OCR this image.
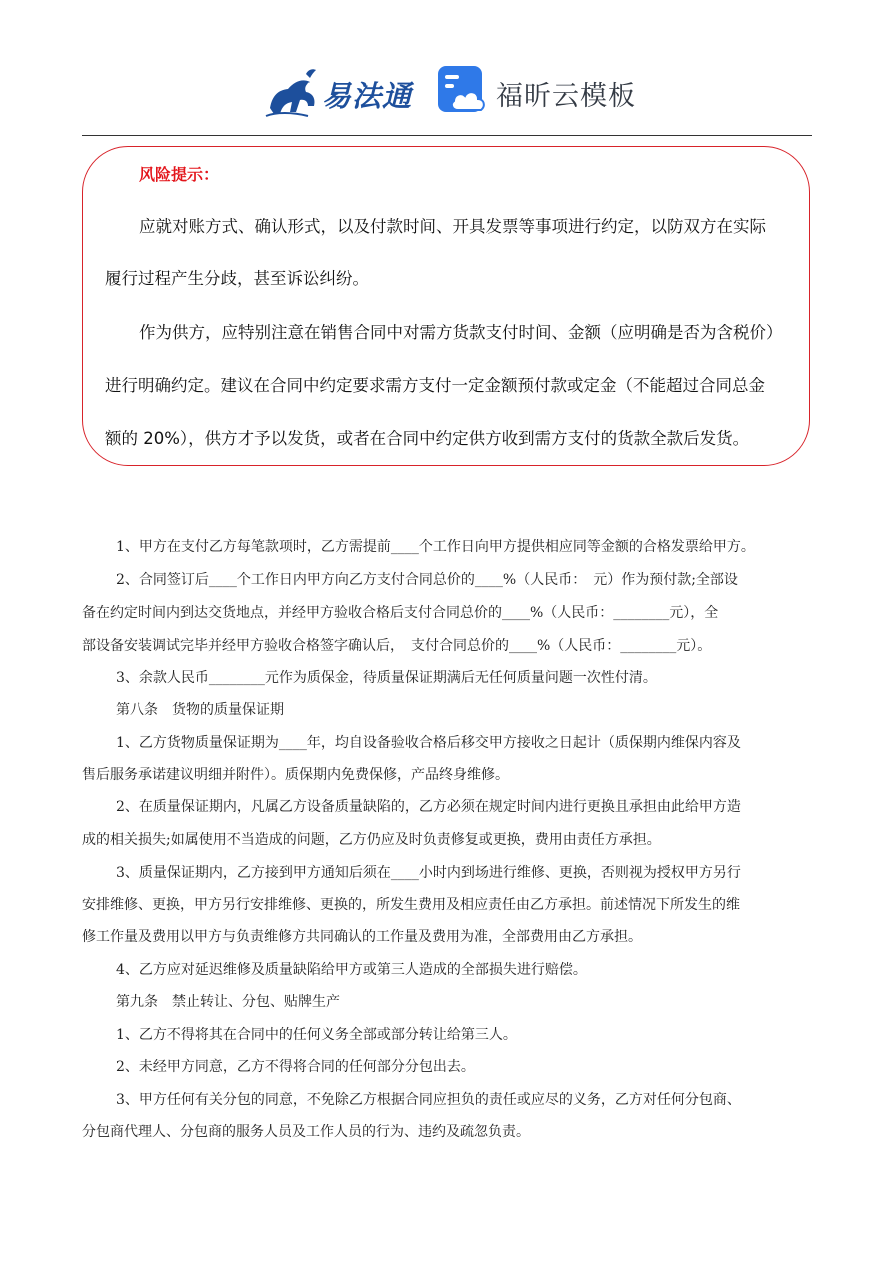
易法通	福昕云模板
风险提示：
应就对账方式、确认形式，以及付款时间、开具发票等事项进行约定，以防双方在实际
履行过程产生分歧，甚至诉讼纠纷。
作为供方，应特别注意在销售合同中对需方货款支付时间、金额（应明确是否为含税价）
进行明确约定。建议在合同中约定要求需方支付一定金额预付款或定金（不能超过合同总金
额的 20%），供方才予以发货，或者在合同中约定供方收到需方支付的货款全款后发货。
1、甲方在支付乙方每笔款项时，乙方需提前____个工作日向甲方提供相应同等金额的合格发票给甲方。
2、合同签订后____个工作日内甲方向乙方支付合同总价的____%（人民币：　元）作为预付款;全部设
备在约定时间内到达交货地点，并经甲方验收合格后支付合同总价的____%（人民币：________元），全
部设备安装调试完毕并经甲方验收合格签字确认后，　支付合同总价的____%（人民币：________元）。
3、余款人民币________元作为质保金，待质量保证期满后无任何质量问题一次性付清。
第八条　货物的质量保证期
1、乙方货物质量保证期为____年，均自设备验收合格后移交甲方接收之日起计（质保期内维保内容及
售后服务承诺建议明细并附件）。质保期内免费保修，产品终身维修。
2、在质量保证期内，凡属乙方设备质量缺陷的，乙方必须在规定时间内进行更换且承担由此给甲方造
成的相关损失;如属使用不当造成的问题，乙方仍应及时负责修复或更换，费用由责任方承担。
3、质量保证期内，乙方接到甲方通知后须在____小时内到场进行维修、更换，否则视为授权甲方另行
安排维修、更换，甲方另行安排维修、更换的，所发生费用及相应责任由乙方承担。前述情况下所发生的维
修工作量及费用以甲方与负责维修方共同确认的工作量及费用为准，全部费用由乙方承担。
4、乙方应对延迟维修及质量缺陷给甲方或第三人造成的全部损失进行赔偿。
第九条　禁止转让、分包、贴牌生产
1、乙方不得将其在合同中的任何义务全部或部分转让给第三人。
2、未经甲方同意，乙方不得将合同的任何部分分包出去。
3、甲方任何有关分包的同意，不免除乙方根据合同应担负的责任或应尽的义务，乙方对任何分包商、
分包商代理人、分包商的服务人员及工作人员的行为、违约及疏忽负责。
